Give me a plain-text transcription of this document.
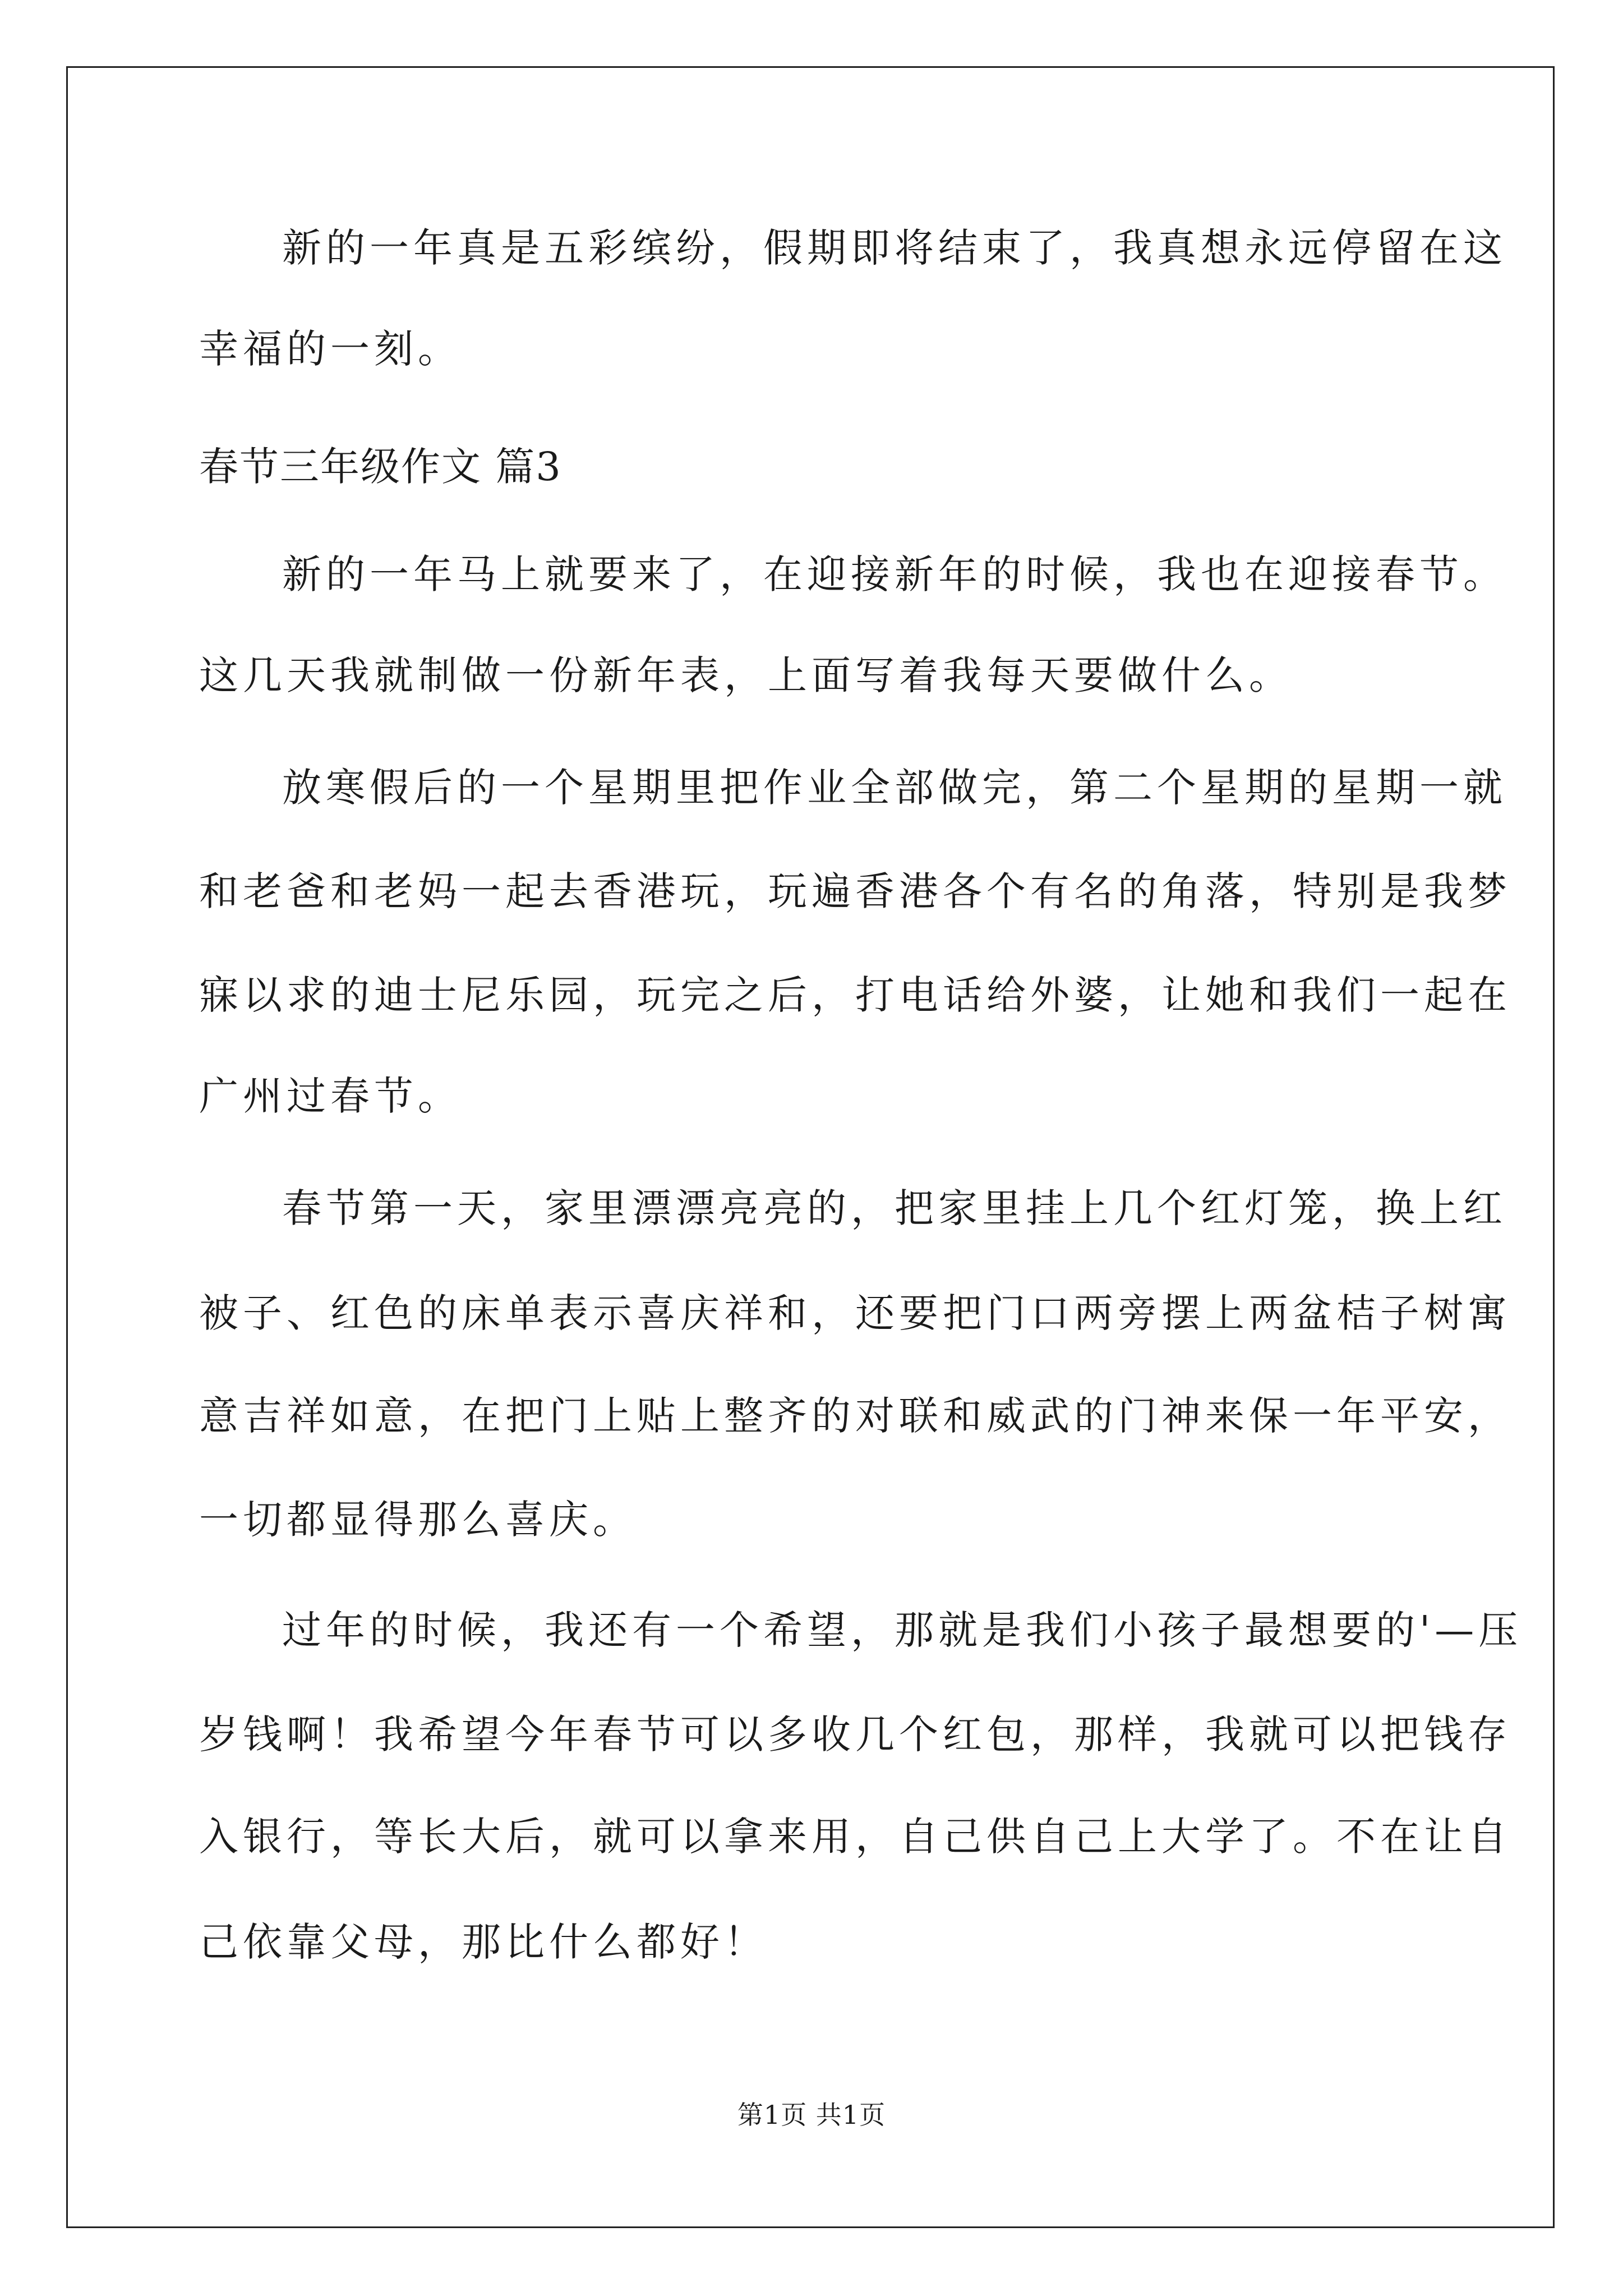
新的一年真是五彩缤纷，假期即将结束了，我真想永远停留在这
幸福的一刻。
春节三年级作文 篇3
新的一年马上就要来了，在迎接新年的时候，我也在迎接春节。
这几天我就制做一份新年表，上面写着我每天要做什么。
放寒假后的一个星期里把作业全部做完，第二个星期的星期一就
和老爸和老妈一起去香港玩，玩遍香港各个有名的角落，特别是我梦
寐以求的迪士尼乐园，玩完之后，打电话给外婆，让她和我们一起在
广州过春节。
春节第一天，家里漂漂亮亮的，把家里挂上几个红灯笼，换上红
被子、红色的床单表示喜庆祥和，还要把门口两旁摆上两盆桔子树寓
意吉祥如意，在把门上贴上整齐的对联和威武的门神来保一年平安，
一切都显得那么喜庆。
过年的时候，我还有一个希望，那就是我们小孩子最想要的'—压
岁钱啊！我希望今年春节可以多收几个红包，那样，我就可以把钱存
入银行，等长大后，就可以拿来用，自己供自己上大学了。不在让自
己依靠父母，那比什么都好！
第1页 共1页
